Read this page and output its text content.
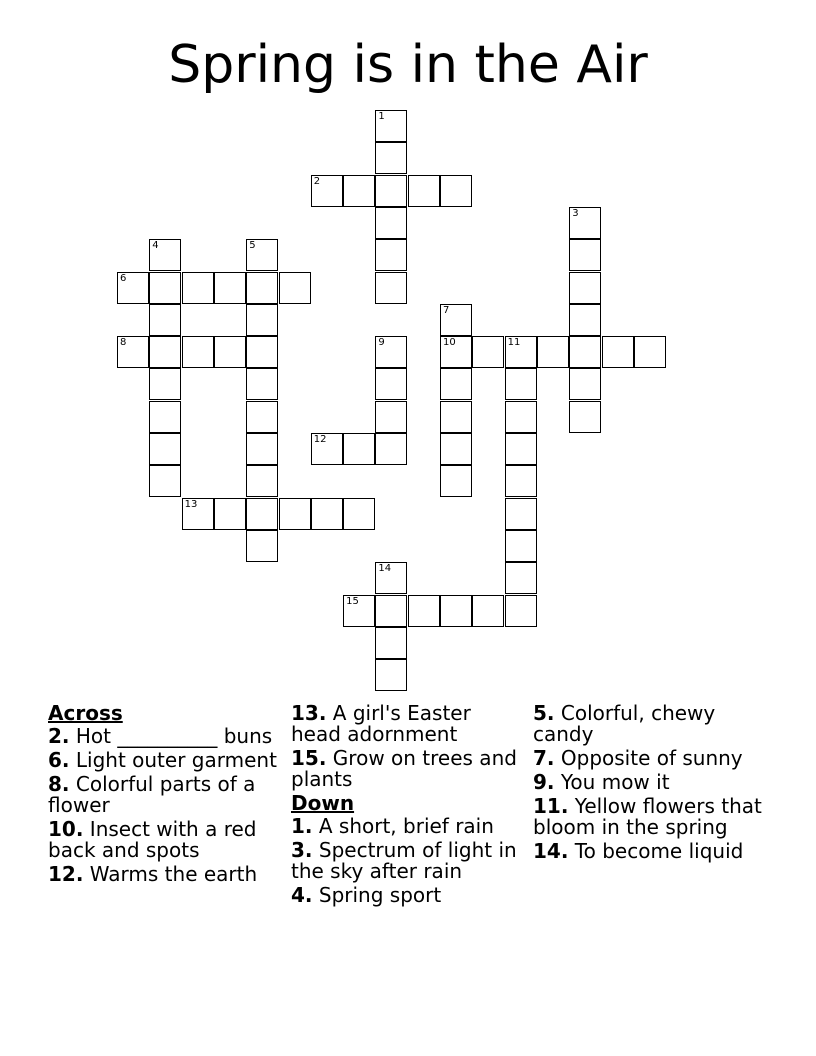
Spring is in the Air
1
2
3
4	5
6
7
8	9	10	11
12
13
14
15
Across
2. Hot __________ buns
6. Light outer garment
8. Colorful parts of a flower
10. Insect with a red back and spots
12. Warms the earth
13. A girl's Easter head adornment
15. Grow on trees and plants
Down
1. A short, brief rain
3. Spectrum of light in the sky after rain
4. Spring sport
5. Colorful, chewy candy
7. Opposite of sunny
9. You mow it
11. Yellow flowers that bloom in the spring
14. To become liquid
